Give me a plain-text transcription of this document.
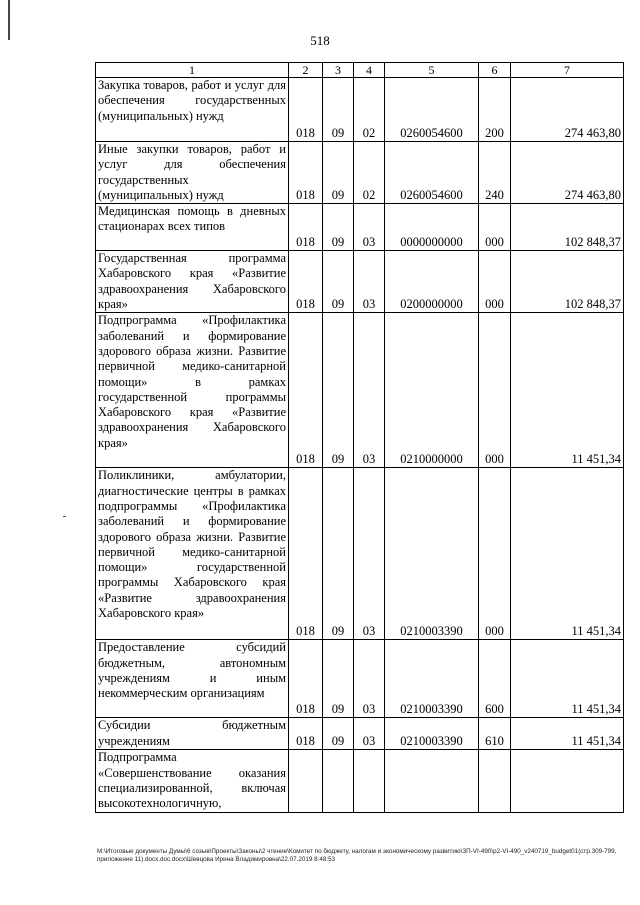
518
1	2	3	4	5	6	7
Закупка товаров, работ и услуг для обеспечения государственных (муниципальных) нужд	018	09	02	0260054600	200	274 463,80
Иные закупки товаров, работ и услуг для обеспечения государственных (муниципальных) нужд	018	09	02	0260054600	240	274 463,80
Медицинская помощь в дневных стационарах всех типов	018	09	03	0000000000	000	102 848,37
Государственная программа Хабаровского края «Развитие здравоохранения Хабаровского края»	018	09	03	0200000000	000	102 848,37
Подпрограмма «Профилактика заболеваний и формирование здорового образа жизни. Развитие первичной медико-санитарной помощи» в рамках государственной программы Хабаровского края «Развитие здравоохранения Хабаровского края»	018	09	03	0210000000	000	11 451,34
Поликлиники, амбулатории, диагностические центры в рамках подпрограммы «Профилактика заболеваний и формирование здорового образа жизни. Развитие первичной медико-санитарной помощи» государственной программы Хабаровского края «Развитие здравоохранения Хабаровского края»	018	09	03	0210003390	000	11 451,34
Предоставление субсидий бюджетным, автономным учреждениям и иным некоммерческим организациям	018	09	03	0210003390	600	11 451,34
Субсидии бюджетным учреждениям	018	09	03	0210003390	610	11 451,34
Подпрограмма «Совершенствование оказания специализированной, включая высокотехнологичную,						
M:\Итоговые документы Думы\6 созыв\Проекты\Законы\2 чтение\Комитет по бюджету, налогам и экономическому развитию\ЗП-VI-490\р2-VI-490_v240719_budget01(стр.309-799, приложение 11).docx.doc.docx\Шевцова Ирина Владимировна\22.07.2019 8:48:53
